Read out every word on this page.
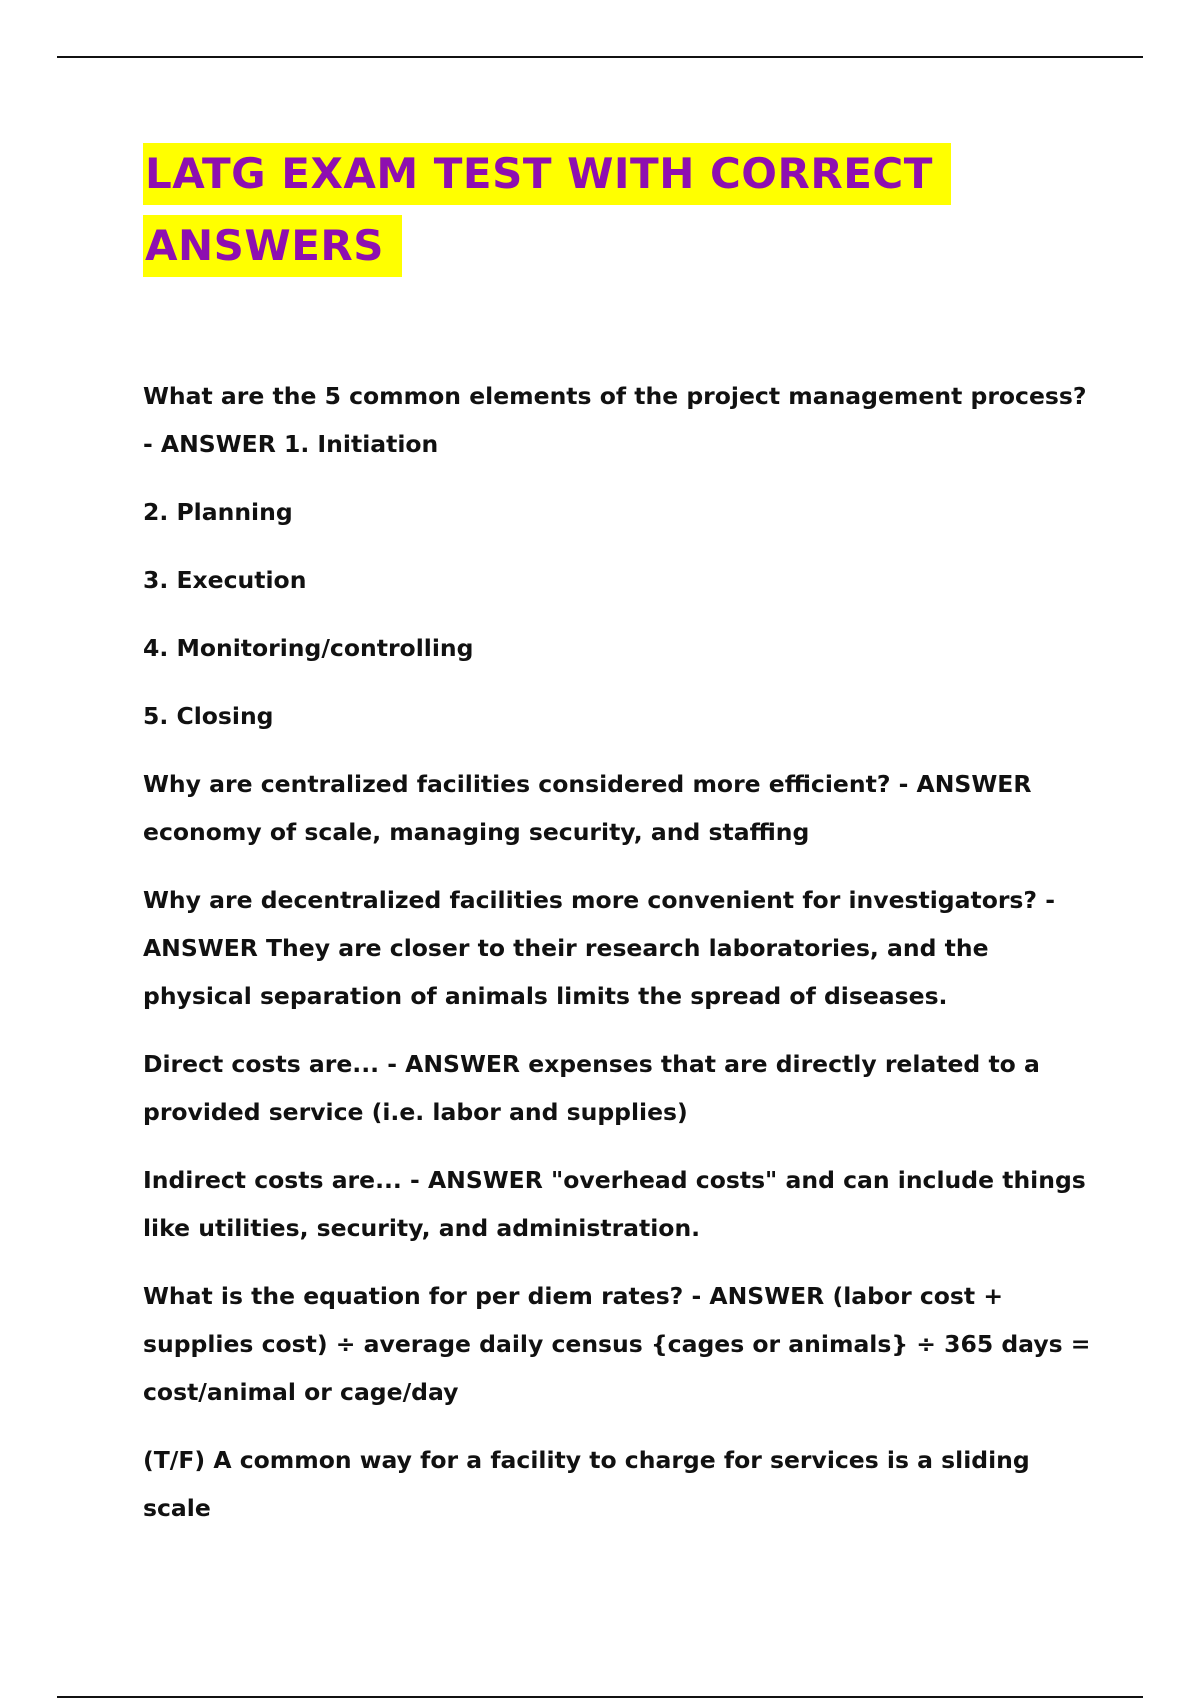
LATG EXAM TEST WITH CORRECT
ANSWERS

What are the 5 common elements of the project management process? - ANSWER 1. Initiation

2. Planning

3. Execution

4. Monitoring/controlling

5. Closing

Why are centralized facilities considered more efficient? - ANSWER economy of scale, managing security, and staffing

Why are decentralized facilities more convenient for investigators? - ANSWER They are closer to their research laboratories, and the physical separation of animals limits the spread of diseases.

Direct costs are... - ANSWER expenses that are directly related to a provided service (i.e. labor and supplies)

Indirect costs are... - ANSWER "overhead costs" and can include things like utilities, security, and administration.

What is the equation for per diem rates? - ANSWER (labor cost + supplies cost) ÷ average daily census {cages or animals} ÷ 365 days = cost/animal or cage/day

(T/F) A common way for a facility to charge for services is a sliding scale
